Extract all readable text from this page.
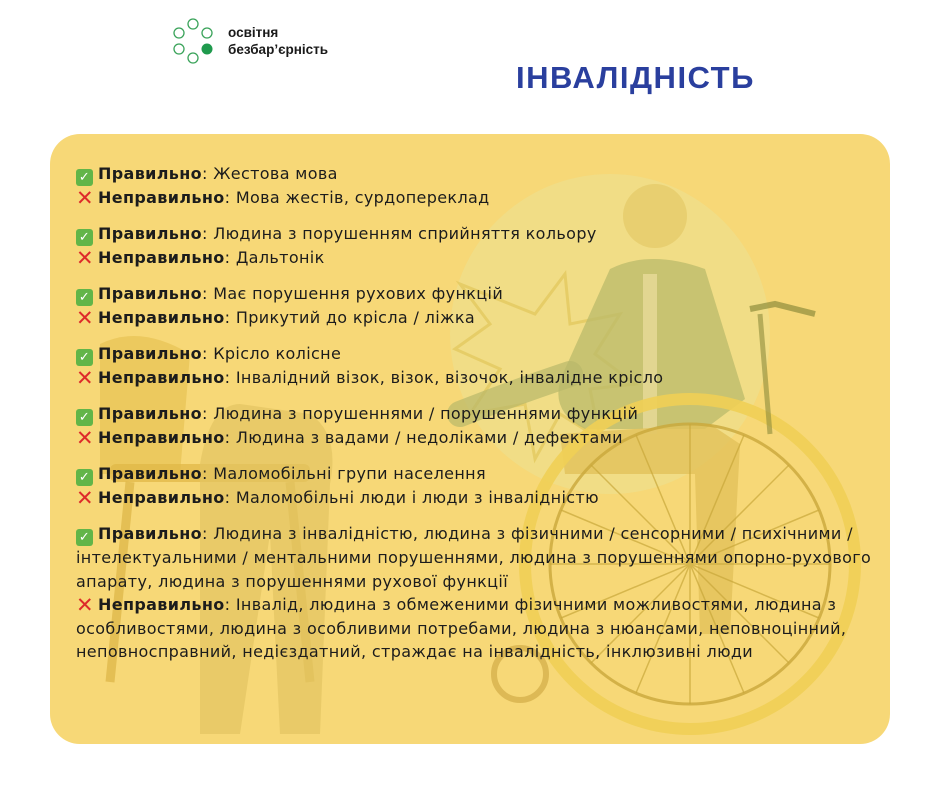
освітня
безбар’єрність
ІНВАЛІДНІСТЬ
✓ Правильно: Жестова мова
✕ Неправильно: Мова жестів, сурдопереклад
✓ Правильно: Людина з порушенням сприйняття кольору
✕ Неправильно: Дальтонік
✓ Правильно: Має порушення рухових функцій
✕ Неправильно: Прикутий до крісла / ліжка
✓ Правильно: Крісло колісне
✕ Неправильно: Інвалідний візок, візок, візочок, інвалідне крісло
✓ Правильно: Людина з порушеннями / порушеннями функцій
✕ Неправильно: Людина з вадами / недоліками / дефектами
✓ Правильно: Маломобільні групи населення
✕ Неправильно: Маломобільні люди і люди з інвалідністю
✓ Правильно: Людина з інвалідністю, людина з фізичними / сенсорними / психічними / інтелектуальними / ментальними порушеннями, людина з порушеннями опорно-рухового апарату, людина з порушеннями рухової функції
✕ Неправильно: Інвалід, людина з обмеженими фізичними можливостями, людина з особливостями, людина з особливими потребами, людина з нюансами, неповноцінний, неповносправний, недієздатний, страждає на інвалідність, інклюзивні люди
